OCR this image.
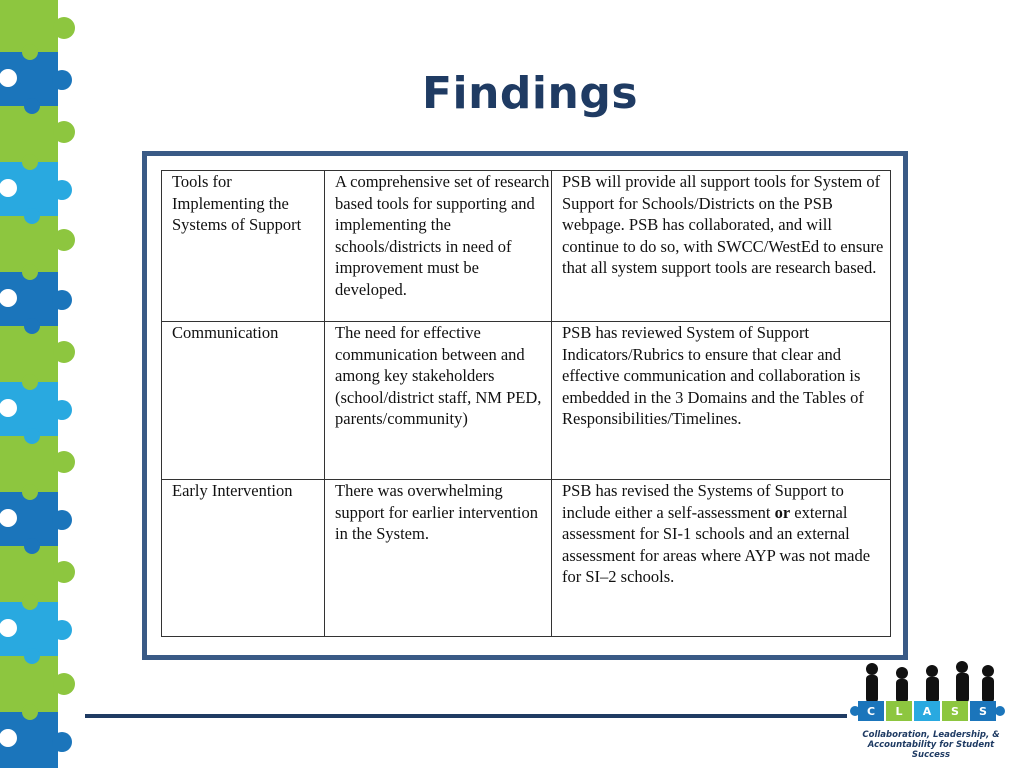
Findings
Tools for Implementing the Systems of Support	A comprehensive set of research based tools for supporting and implementing the schools/districts in need of improvement must be developed.	PSB will provide all support tools for System of Support for Schools/Districts on the PSB webpage. PSB has collaborated, and will continue to do so, with SWCC/WestEd to ensure that all system support tools are research based.
Communication	The need for effective communication between and among key stakeholders (school/district staff, NM PED, parents/community)	PSB has reviewed System of Support Indicators/Rubrics to ensure that clear and effective communication and collaboration is embedded in the 3 Domains and the Tables of Responsibilities/Timelines.
Early Intervention	There was overwhelming support for earlier intervention in the System.	PSB has revised the Systems of Support to include either a self-assessment or external assessment for SI-1 schools and an external assessment for areas where AYP was not made for SI–2 schools.
C L A S S
Collaboration, Leadership, &
Accountability for Student Success
